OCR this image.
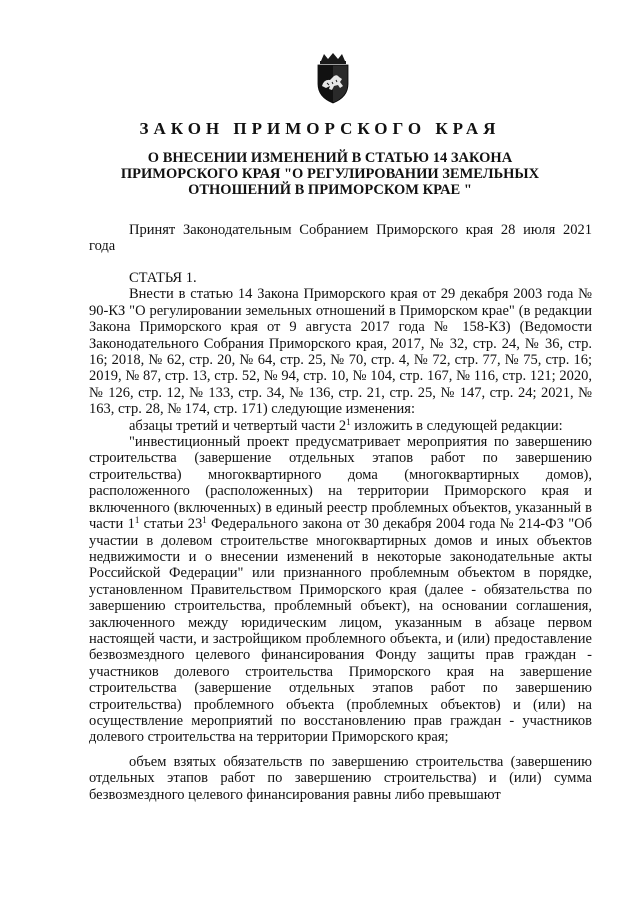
ЗАКОН ПРИМОРСКОГО КРАЯ
О ВНЕСЕНИИ ИЗМЕНЕНИЙ В СТАТЬЮ 14 ЗАКОНА ПРИМОРСКОГО КРАЯ "О РЕГУЛИРОВАНИИ ЗЕМЕЛЬНЫХ ОТНОШЕНИЙ В ПРИМОРСКОМ КРАЕ "

Принят Законодательным Собранием Приморского края 28 июля 2021 года

СТАТЬЯ 1.

Внести в статью 14 Закона Приморского края от 29 декабря 2003 года № 90-КЗ "О регулировании земельных отношений в Приморском крае" (в редакции Закона Приморского края от 9 августа 2017 года № 158-КЗ) (Ведомости Законодательного Собрания Приморского края, 2017, № 32, стр. 24, № 36, стр. 16; 2018, № 62, стр. 20, № 64, стр. 25, № 70, стр. 4, № 72, стр. 77, № 75, стр. 16; 2019, № 87, стр. 13, стр. 52, № 94, стр. 10, № 104, стр. 167, № 116, стр. 121; 2020, № 126, стр. 12, № 133, стр. 34, № 136, стр. 21, стр. 25, № 147, стр. 24; 2021, № 163, стр. 28, № 174, стр. 171) следующие изменения:

абзацы третий и четвертый части $2^1$ изложить в следующей редакции:

"инвестиционный проект предусматривает мероприятия по завершению строительства (завершение отдельных этапов работ по завершению строительства) многоквартирного дома (многоквартирных домов), расположенного (расположенных) на территории Приморского края и включенного (включенных) в единый реестр проблемных объектов, указанный в части $1^1$ статьи $23^1$ Федерального закона от 30 декабря 2004 года № 214-ФЗ "Об участии в долевом строительстве многоквартирных домов и иных объектов недвижимости и о внесении изменений в некоторые законодательные акты Российской Федерации" или признанного проблемным объектом в порядке, установленном Правительством Приморского края (далее - обязательства по завершению строительства, проблемный объект), на основании соглашения, заключенного между юридическим лицом, указанным в абзаце первом настоящей части, и застройщиком проблемного объекта, и (или) предоставление безвозмездного целевого финансирования Фонду защиты прав граждан - участников долевого строительства Приморского края на завершение строительства (завершение отдельных этапов работ по завершению строительства) проблемного объекта (проблемных объектов) и (или) на осуществление мероприятий по восстановлению прав граждан - участников долевого строительства на территории Приморского края;

объем взятых обязательств по завершению строительства (завершению отдельных этапов работ по завершению строительства) и (или) сумма безвозмездного целевого финансирования равны либо превышают
